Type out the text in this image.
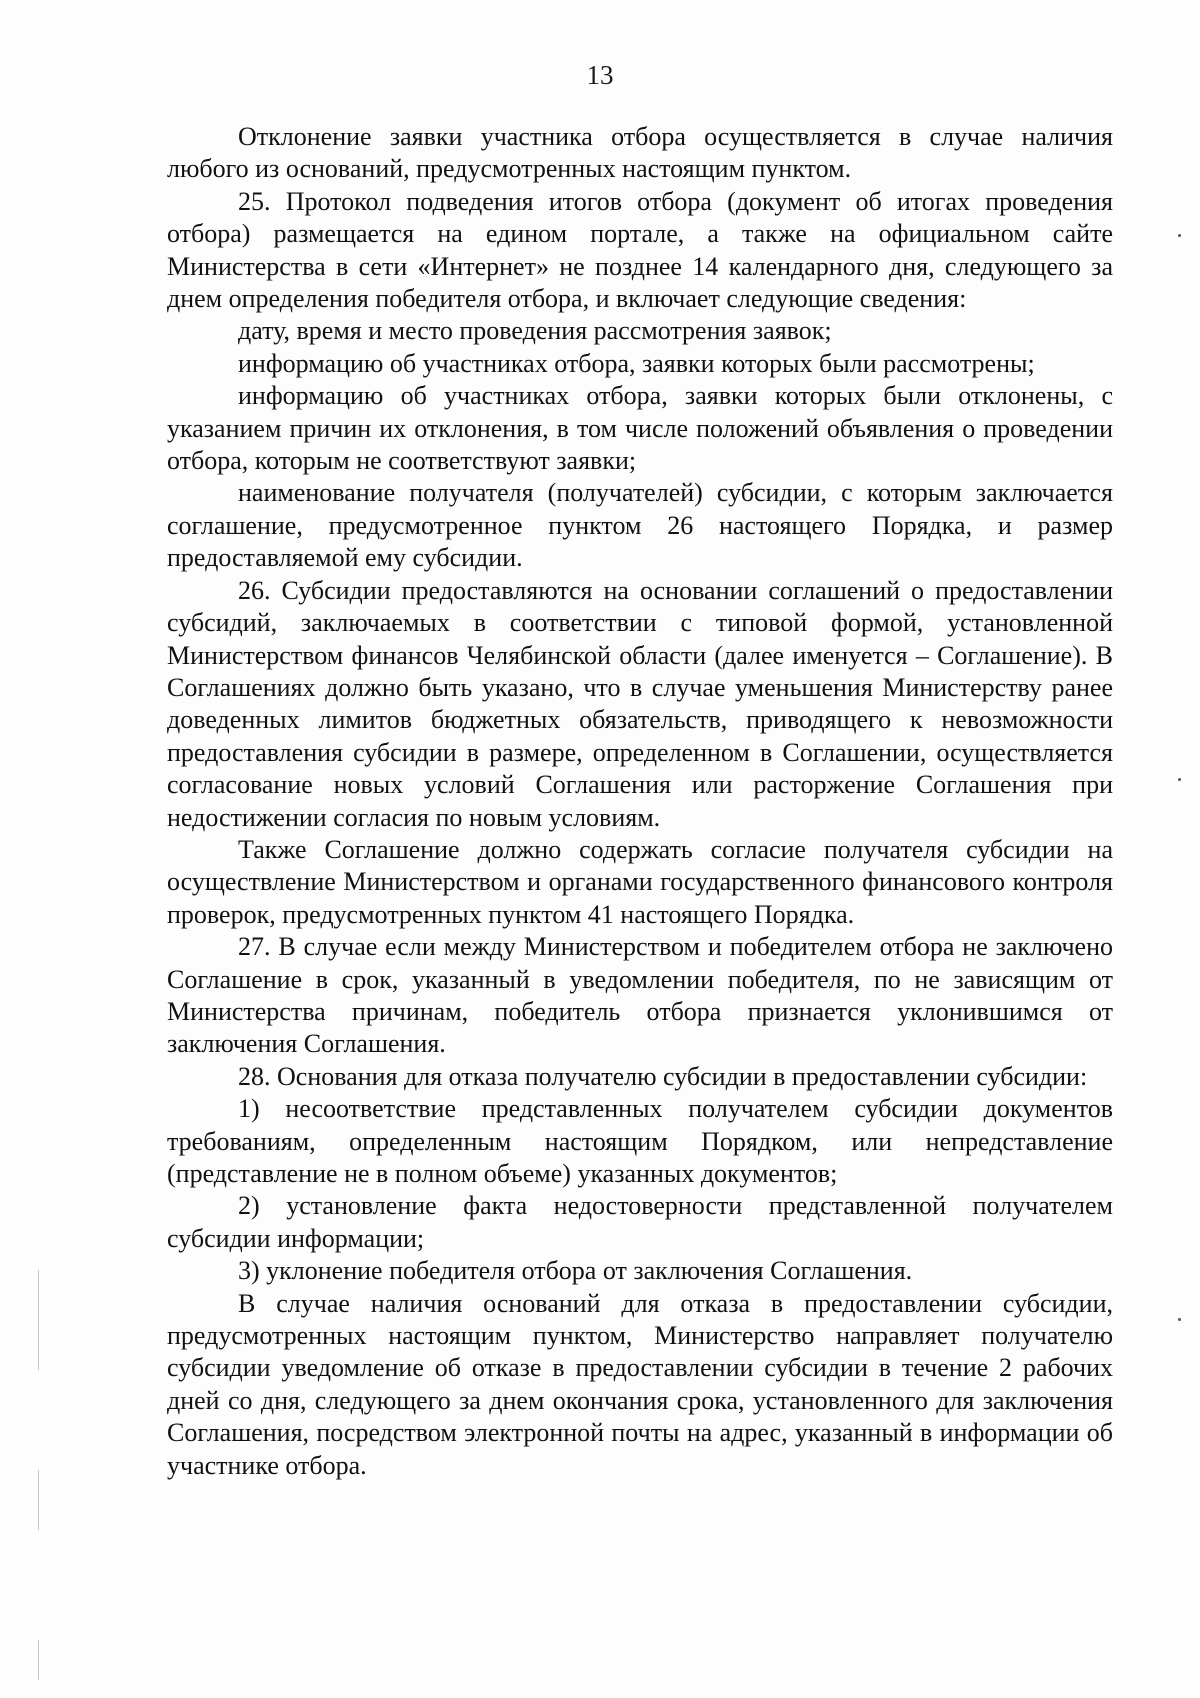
13

Отклонение заявки участника отбора осуществляется в случае наличия любого из оснований, предусмотренных настоящим пунктом.

25. Протокол подведения итогов отбора (документ об итогах проведения отбора) размещается на едином портале, а также на официальном сайте Министерства в сети «Интернет» не позднее 14 календарного дня, следующего за днем определения победителя отбора, и включает следующие сведения:

дату, время и место проведения рассмотрения заявок;

информацию об участниках отбора, заявки которых были рассмотрены;

информацию об участниках отбора, заявки которых были отклонены, с указанием причин их отклонения, в том числе положений объявления о проведении отбора, которым не соответствуют заявки;

наименование получателя (получателей) субсидии, с которым заключается соглашение, предусмотренное пунктом 26 настоящего Порядка, и размер предоставляемой ему субсидии.

26. Субсидии предоставляются на основании соглашений о предоставлении субсидий, заключаемых в соответствии с типовой формой, установленной Министерством финансов Челябинской области (далее именуется – Соглашение). В Соглашениях должно быть указано, что в случае уменьшения Министерству ранее доведенных лимитов бюджетных обязательств, приводящего к невозможности предоставления субсидии в размере, определенном в Соглашении, осуществляется согласование новых условий Соглашения или расторжение Соглашения при недостижении согласия по новым условиям.

Также Соглашение должно содержать согласие получателя субсидии на осуществление Министерством и органами государственного финансового контроля проверок, предусмотренных пунктом 41 настоящего Порядка.

27. В случае если между Министерством и победителем отбора не заключено Соглашение в срок, указанный в уведомлении победителя, по не зависящим от Министерства причинам, победитель отбора признается уклонившимся от заключения Соглашения.

28. Основания для отказа получателю субсидии в предоставлении субсидии:

1) несоответствие представленных получателем субсидии документов требованиям, определенным настоящим Порядком, или непредставление (представление не в полном объеме) указанных документов;

2) установление факта недостоверности представленной получателем субсидии информации;

3) уклонение победителя отбора от заключения Соглашения.

В случае наличия оснований для отказа в предоставлении субсидии, предусмотренных настоящим пунктом, Министерство направляет получателю субсидии уведомление об отказе в предоставлении субсидии в течение 2 рабочих дней со дня, следующего за днем окончания срока, установленного для заключения Соглашения, посредством электронной почты на адрес, указанный в информации об участнике отбора.
